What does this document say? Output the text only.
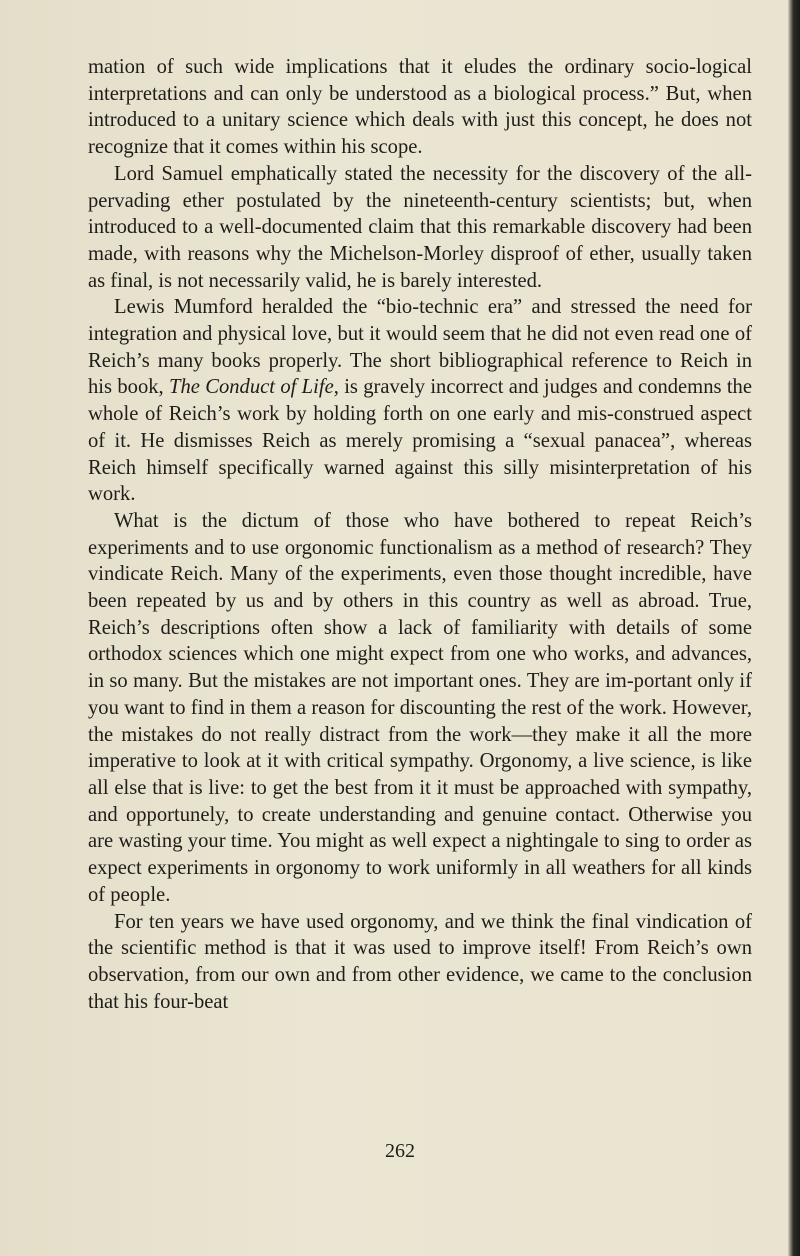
mation of such wide implications that it eludes the ordinary socio-logical interpretations and can only be understood as a biological process.” But, when introduced to a unitary science which deals with just this concept, he does not recognize that it comes within his scope.

Lord Samuel emphatically stated the necessity for the discovery of the all-pervading ether postulated by the nineteenth-century scientists; but, when introduced to a well-documented claim that this remarkable discovery had been made, with reasons why the Michelson-Morley disproof of ether, usually taken as final, is not necessarily valid, he is barely interested.

Lewis Mumford heralded the “bio-technic era” and stressed the need for integration and physical love, but it would seem that he did not even read one of Reich’s many books properly. The short bibliographical reference to Reich in his book, The Conduct of Life, is gravely incorrect and judges and condemns the whole of Reich’s work by holding forth on one early and mis-construed aspect of it. He dismisses Reich as merely promising a “sexual panacea”, whereas Reich himself specifically warned against this silly misinterpretation of his work.

What is the dictum of those who have bothered to repeat Reich’s experiments and to use orgonomic functionalism as a method of research? They vindicate Reich. Many of the experiments, even those thought incredible, have been repeated by us and by others in this country as well as abroad. True, Reich’s descriptions often show a lack of familiarity with details of some orthodox sciences which one might expect from one who works, and advances, in so many. But the mistakes are not important ones. They are im-portant only if you want to find in them a reason for discounting the rest of the work. However, the mistakes do not really distract from the work—they make it all the more imperative to look at it with critical sympathy. Orgonomy, a live science, is like all else that is live: to get the best from it it must be approached with sympathy, and opportunely, to create understanding and genuine contact. Otherwise you are wasting your time. You might as well expect a nightingale to sing to order as expect experiments in orgonomy to work uniformly in all weathers for all kinds of people.

For ten years we have used orgonomy, and we think the final vindication of the scientific method is that it was used to improve itself! From Reich’s own observation, from our own and from other evidence, we came to the conclusion that his four-beat

262
